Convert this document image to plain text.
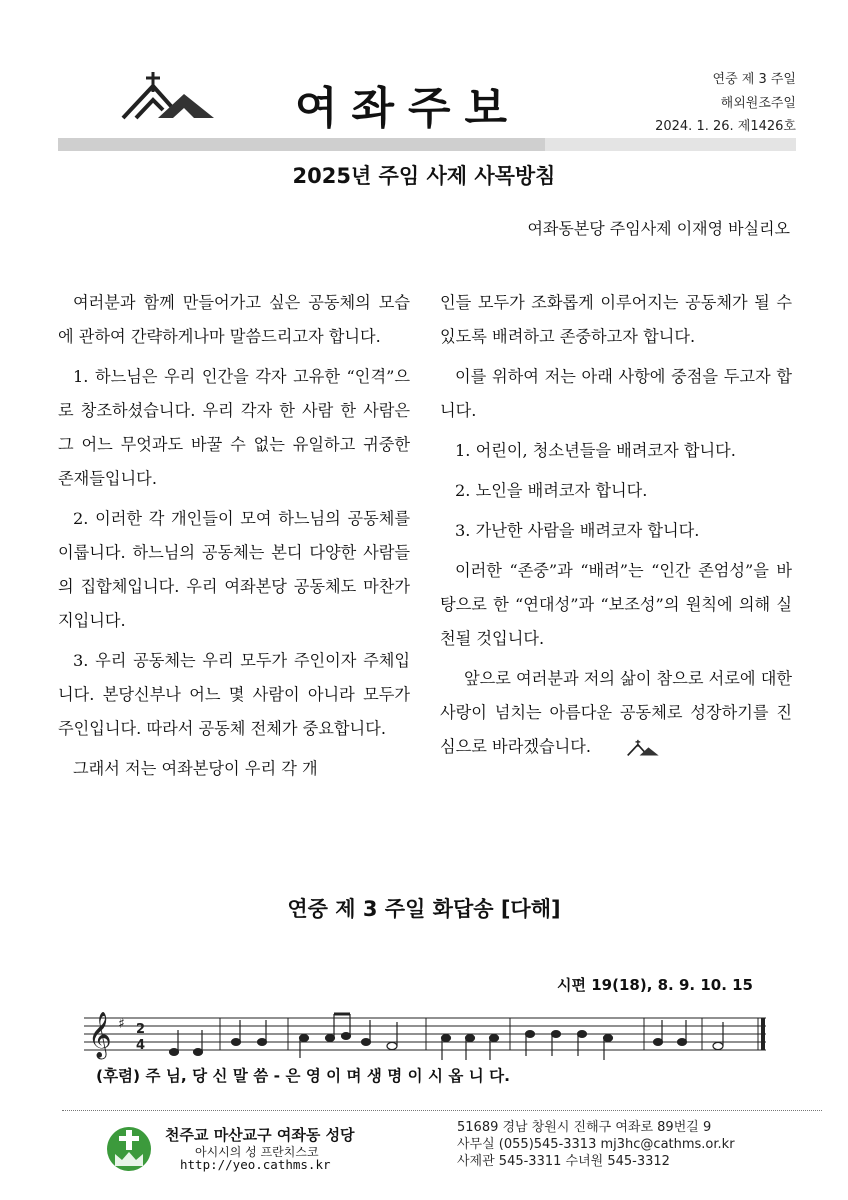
여좌주보
연중 제 3 주일
해외원조주일
2024. 1. 26. 제1426호
2025년 주임 사제 사목방침
여좌동본당 주임사제 이재영 바실리오

여러분과 함께 만들어가고 싶은 공동체의 모습에 관하여 간략하게나마 말씀드리고자 합니다.

1. 하느님은 우리 인간을 각자 고유한 “인격”으로 창조하셨습니다. 우리 각자 한 사람 한 사람은 그 어느 무엇과도 바꿀 수 없는 유일하고 귀중한 존재들입니다.

2. 이러한 각 개인들이 모여 하느님의 공동체를 이룹니다. 하느님의 공동체는 본디 다양한 사람들의 집합체입니다. 우리 여좌본당 공동체도 마찬가지입니다.

3. 우리 공동체는 우리 모두가 주인이자 주체입니다. 본당신부나 어느 몇 사람이 아니라 모두가 주인입니다. 따라서 공동체 전체가 중요합니다.

그래서 저는 여좌본당이 우리 각 개

인들 모두가 조화롭게 이루어지는 공동체가 될 수 있도록 배려하고 존중하고자 합니다.

이를 위하여 저는 아래 사항에 중점을 두고자 합니다.

1. 어린이, 청소년들을 배려코자 합니다.

2. 노인을 배려코자 합니다.

3. 가난한 사람을 배려코자 합니다.

이러한 “존중”과 “배려”는 “인간 존엄성”을 바탕으로 한 “연대성”과 “보조성”의 원칙에 의해 실천될 것입니다.

앞으로 여러분과 저의 삶이 참으로 서로에 대한 사랑이 넘치는 아름다운 공동체로 성장하기를 진심으로 바라겠습니다.

연중 제 3 주일 화답송 [다해]
시편 19(18), 8. 9. 10. 15
𝄞 ♯ 2
4
(후렴) 주 님, 당 신 말 씀 - 은 영 이 며 생 명 이 시 옵 니 다.
천주교 마산교구 여좌동 성당
아시시의 성 프란치스코
http://yeo.cathms.kr
51689 경남 창원시 진해구 여좌로 89번길 9
사무실 (055)545-3313 mj3hc@cathms.or.kr
사제관 545-3311 수녀원 545-3312
